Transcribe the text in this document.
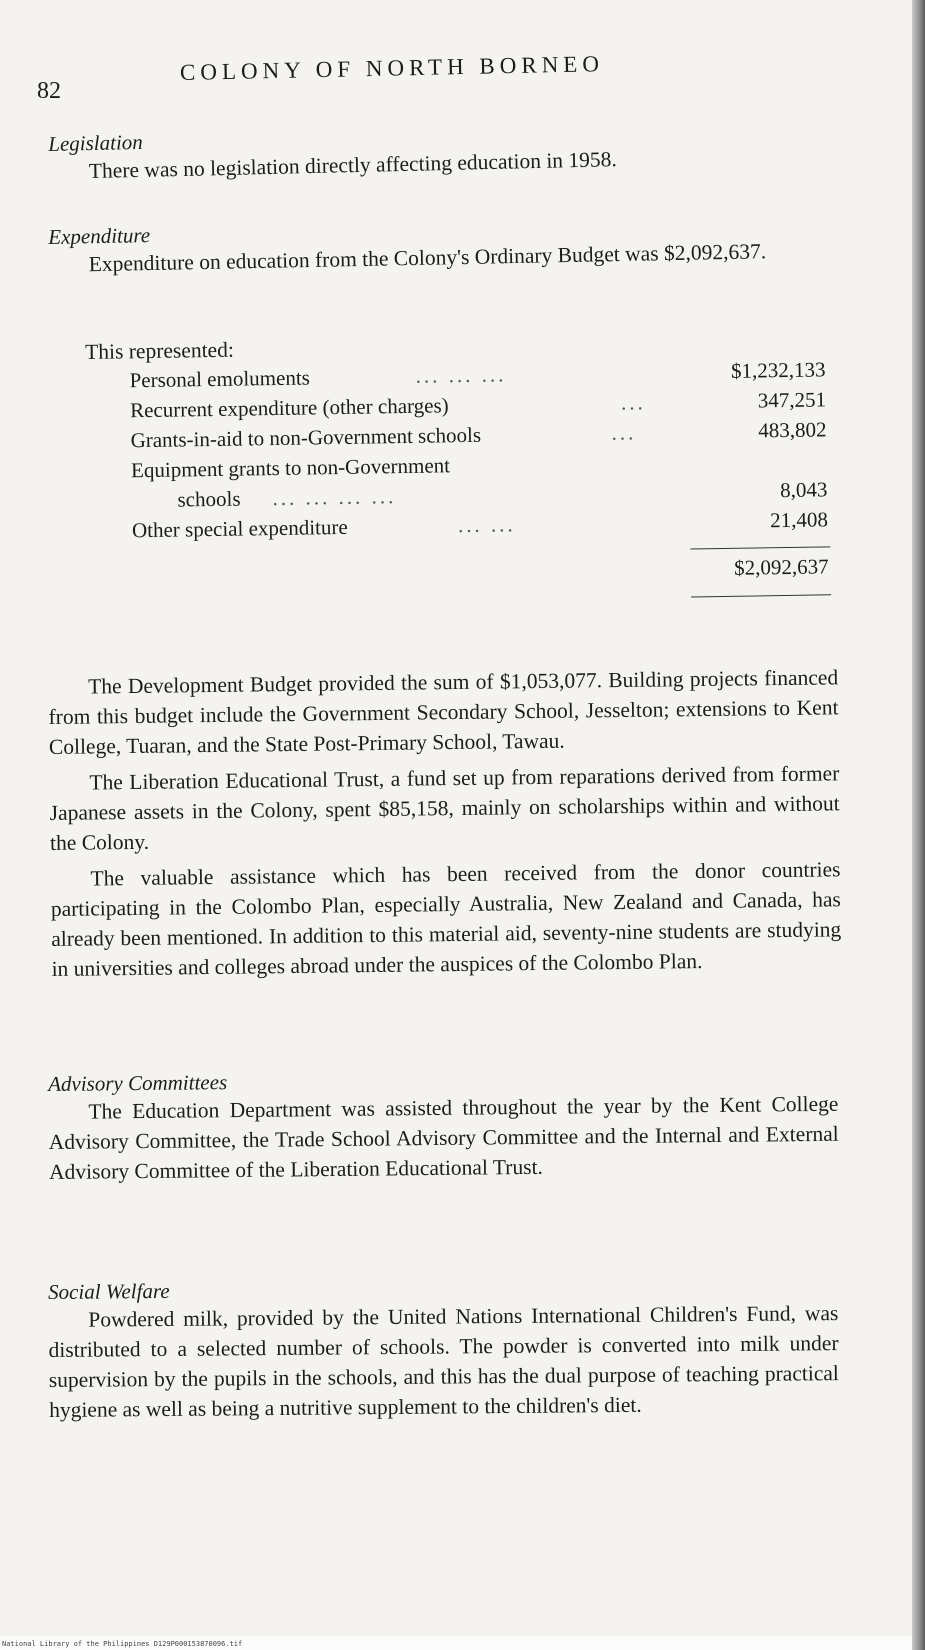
82
COLONY OF NORTH BORNEO

Legislation

There was no legislation directly affecting education in 1958.

Expenditure

Expenditure on education from the Colony's Ordinary Budget was $2,092,637.

This represented:

Personal emoluments	... ... ...	$1,232,133
Recurrent expenditure (other charges)	...	347,251
Grants-in-aid to non-Government schools	...	483,802
Equipment grants to non-Government
schools ... ... ... ...	8,043
Other special expenditure	... ...	21,408
$2,092,637

The Development Budget provided the sum of $1,053,077. Building projects financed from this budget include the Government Secondary School, Jesselton; extensions to Kent College, Tuaran, and the State Post-Primary School, Tawau.

The Liberation Educational Trust, a fund set up from reparations derived from former Japanese assets in the Colony, spent $85,158, mainly on scholarships within and without the Colony.

The valuable assistance which has been received from the donor countries participating in the Colombo Plan, especially Australia, New Zealand and Canada, has already been mentioned. In addition to this material aid, seventy-nine students are studying in universities and colleges abroad under the auspices of the Colombo Plan.

Advisory Committees

The Education Department was assisted throughout the year by the Kent College Advisory Committee, the Trade School Advisory Committee and the Internal and External Advisory Committee of the Liberation Educational Trust.

Social Welfare

Powdered milk, provided by the United Nations International Children's Fund, was distributed to a selected number of schools. The powder is converted into milk under supervision by the pupils in the schools, and this has the dual purpose of teaching practical hygiene as well as being a nutritive supplement to the children's diet.

National Library of the Philippines D129P000153870096.tif
